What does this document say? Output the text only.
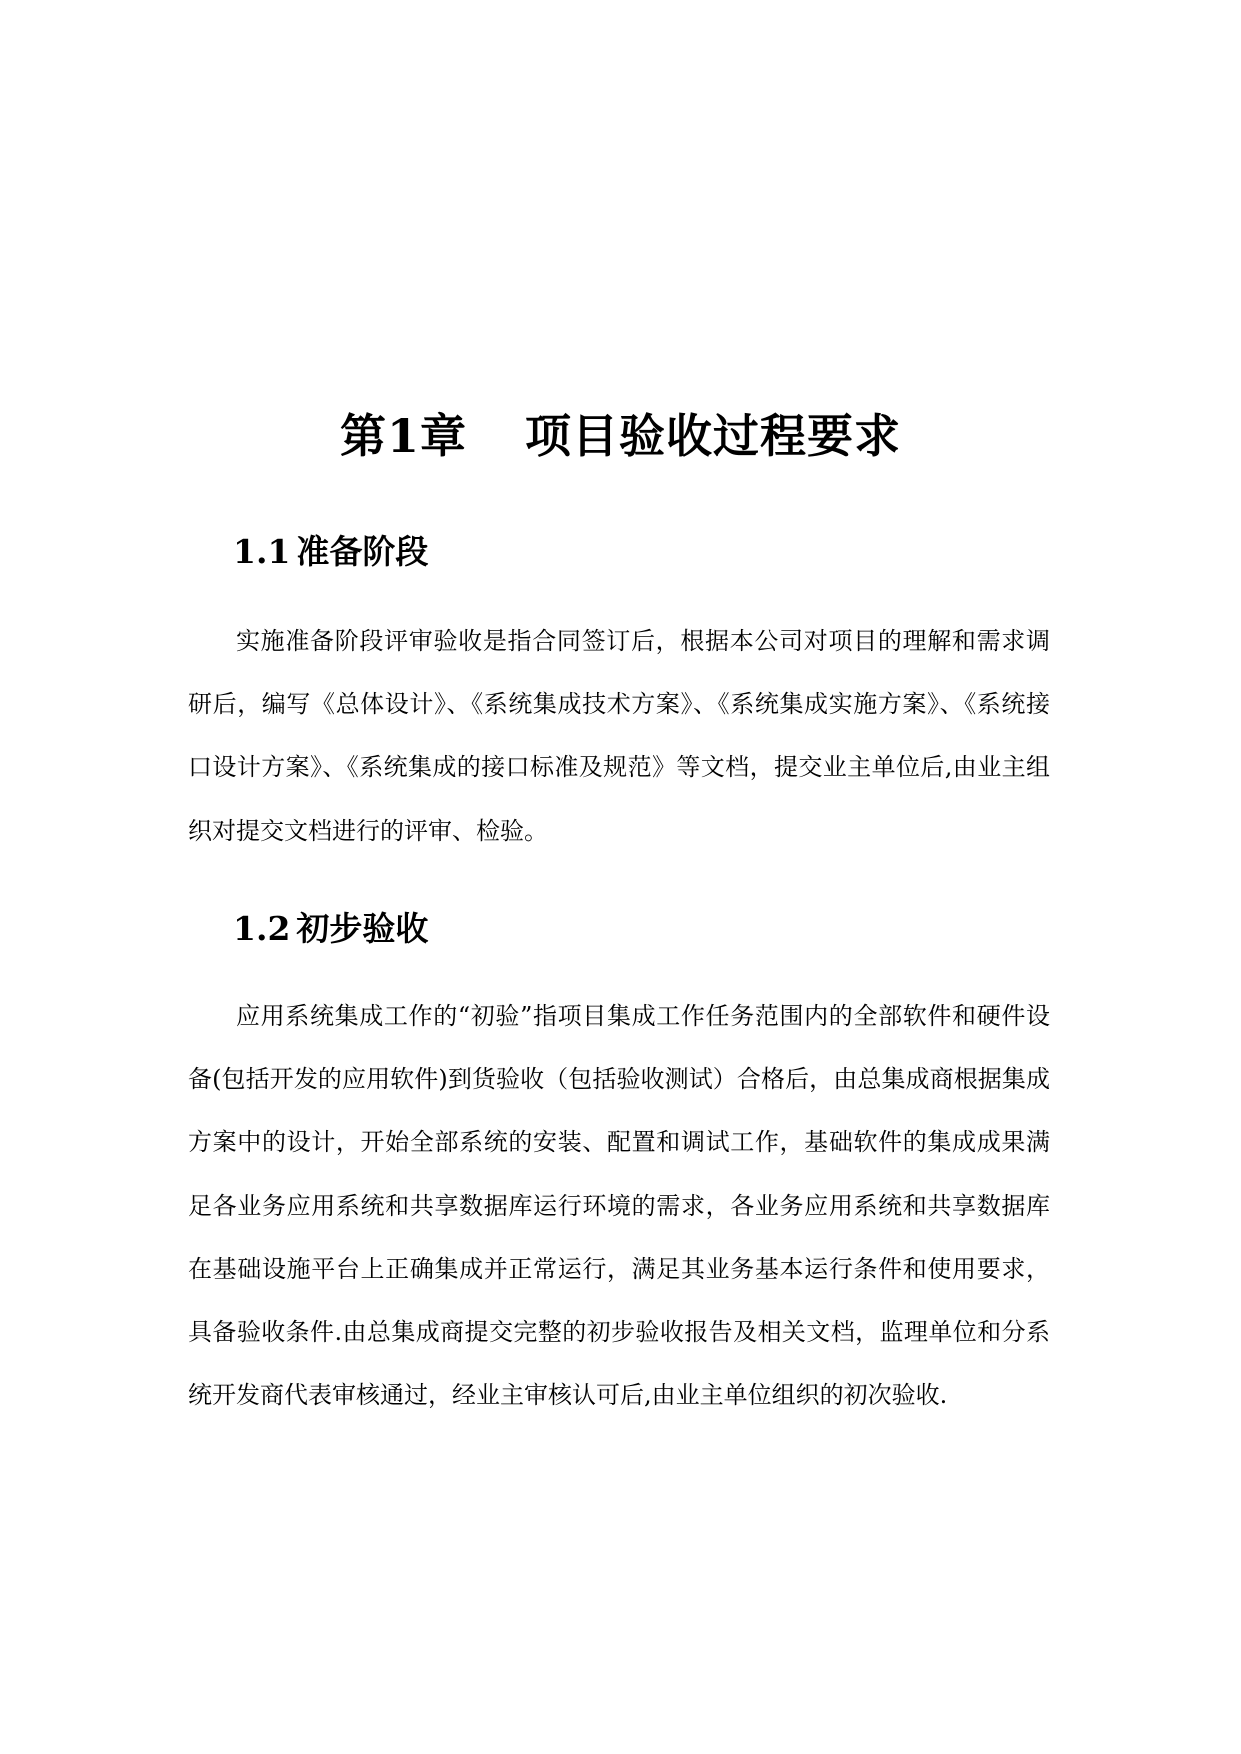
第1章 项目验收过程要求
1.1 准备阶段

实施准备阶段评审验收是指合同签订后，根据本公司对项目的理解和需求调研后，编写《总体设计》、《系统集成技术方案》、《系统集成实施方案》、《系统接口设计方案》、《系统集成的接口标准及规范》等文档，提交业主单位后,由业主组织对提交文档进行的评审、检验。

1.2 初步验收

应用系统集成工作的“初验”指项目集成工作任务范围内的全部软件和硬件设备(包括开发的应用软件)到货验收（包括验收测试）合格后，由总集成商根据集成方案中的设计，开始全部系统的安装、配置和调试工作，基础软件的集成成果满足各业务应用系统和共享数据库运行环境的需求，各业务应用系统和共享数据库在基础设施平台上正确集成并正常运行，满足其业务基本运行条件和使用要求，具备验收条件.由总集成商提交完整的初步验收报告及相关文档，监理单位和分系统开发商代表审核通过，经业主审核认可后,由业主单位组织的初次验收.
